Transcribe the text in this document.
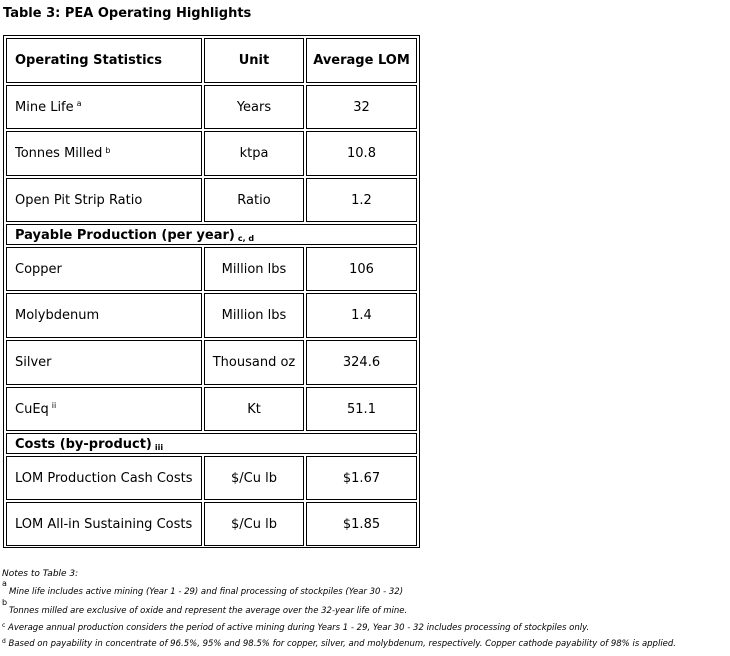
Table 3: PEA Operating Highlights
Operating Statistics	Unit	Average LOM
Mine Life $^a$	Years	32
Tonnes Milled $^b$	ktpa	10.8
Open Pit Strip Ratio	Ratio	1.2
Payable Production (per year) $^{c, d}$
Copper	Million lbs	106
Molybdenum	Million lbs	1.4
Silver	Thousand oz	324.6
CuEq $^{ii}$	Kt	51.1
Costs (by-product) $^{iii}$
LOM Production Cash Costs	$/Cu lb	$1.67
LOM All-in Sustaining Costs	$/Cu lb	$1.85
Notes to Table 3:
a
Mine life includes active mining (Year 1 - 29) and final processing of stockpiles (Year 30 - 32)
b
Tonnes milled are exclusive of oxide and represent the average over the 32-year life of mine.
$^c$ Average annual production considers the period of active mining during Years 1 - 29, Year 30 - 32 includes processing of stockpiles only.
$^d$ Based on payability in concentrate of 96.5%, 95% and 98.5% for copper, silver, and molybdenum, respectively. Copper cathode payability of 98% is applied.
